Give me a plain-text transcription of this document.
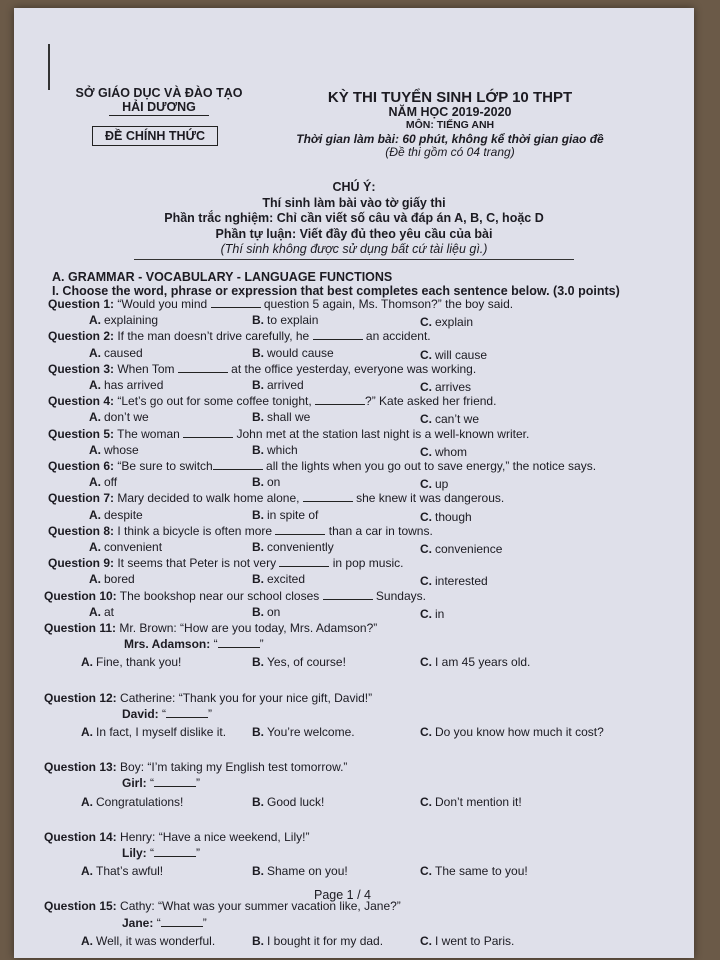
SỞ GIÁO DỤC VÀ ĐÀO TẠO
HẢI DƯƠNG
ĐỀ CHÍNH THỨC
KỲ THI TUYỂN SINH LỚP 10 THPT
NĂM HỌC 2019-2020
MÔN: TIẾNG ANH
Thời gian làm bài: 60 phút, không kể thời gian giao đề
(Đề thi gồm có 04 trang)
CHÚ Ý:
Thí sinh làm bài vào tờ giấy thi
Phần trắc nghiệm: Chỉ cần viết số câu và đáp án A, B, C, hoặc D
Phần tự luận: Viết đầy đủ theo yêu cầu của bài
(Thí sinh không được sử dụng bất cứ tài liệu gì.)
A. GRAMMAR - VOCABULARY - LANGUAGE FUNCTIONS
I. Choose the word, phrase or expression that best completes each sentence below. (3.0 points)
Question 1: “Would you mind	question 5 again, Ms. Thomson?” the boy said.
A. explaining	B. to explain	C. explain
Question 2: If the man doesn’t drive carefully, he	an accident.
A. caused	B. would cause	C. will cause
Question 3: When Tom	at the office yesterday, everyone was working.
A. has arrived	B. arrived	C. arrives
Question 4: “Let’s go out for some coffee tonight,	?” Kate asked her friend.
A. don’t we	B. shall we	C. can’t we
Question 5: The woman	John met at the station last night is a well-known writer.
A. whose	B. which	C. whom
Question 6: “Be sure to switch	all the lights when you go out to save energy,” the notice says.
A. off	B. on	C. up
Question 7: Mary decided to walk home alone,	she knew it was dangerous.
A. despite	B. in spite of	C. though
Question 8: I think a bicycle is often more	than a car in towns.
A. convenient	B. conveniently	C. convenience
Question 9: It seems that Peter is not very	in pop music.
A. bored	B. excited	C. interested
Question 10: The bookshop near our school closes	Sundays.
A. at	B. on	C. in
Question 11: Mr. Brown: “How are you today, Mrs. Adamson?”
Mrs. Adamson: “	”
A. Fine, thank you!	B. Yes, of course!	C. I am 45 years old.
Question 12: Catherine: “Thank you for your nice gift, David!”
David: “	”
A. In fact, I myself dislike it. B. You’re welcome.	C. Do you know how much it cost?
Question 13: Boy: “I’m taking my English test tomorrow.”
Girl: “	”
A. Congratulations!	B. Good luck!	C. Don’t mention it!
Question 14: Henry: “Have a nice weekend, Lily!”
Lily: “	”
A. That’s awful!	B. Shame on you!	C. The same to you!
Question 15: Cathy: “What was your summer vacation like, Jane?”
Jane: “	”
A. Well, it was wonderful.	B. I bought it for my dad.	C. I went to Paris.
Page 1 / 4
